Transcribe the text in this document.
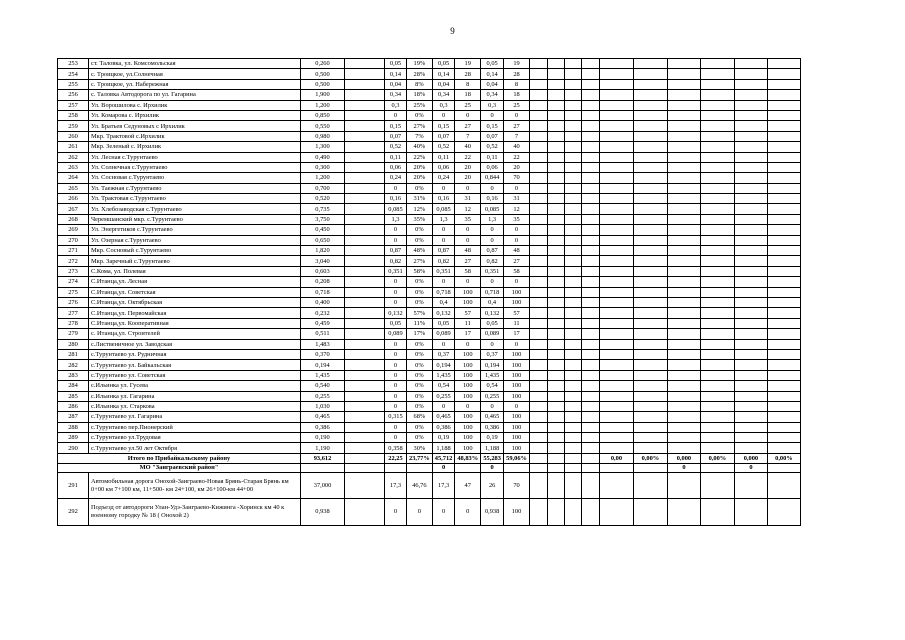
9
253	ст. Таловка, ул. Комсомольская	0,260		0,05	19%	0,05	19	0,05	19										
254	с. Троицкое, ул.Солнечная	0,500		0,14	28%	0,14	28	0,14	28										
255	с. Троицкое, ул. Набережная	0,500		0,04	8%	0,04	8	0,04	8										
256	с. Таловка Автодорога по ул. Гагарина	1,900		0,34	18%	0,34	18	0,34	18										
257	Ул. Ворошилова с. Ирхилик	1,200		0,3	25%	0,3	25	0,3	25										
258	Ул. Комарова с. Ирхилик	0,850		0	0%	0	0	0	0										
259	Ул. Братьев Седуновых с Ирхилик	0,550		0,15	27%	0,15	27	0,15	27										
260	Мкр. Трактовой с.Ирхилик	0,980		0,07	7%	0,07	7	0,07	7										
261	Мкр. Зеленый с. Ирхилик	1,300		0,52	40%	0,52	40	0,52	40										
262	Ул. Лесная с.Турунтаево	0,490		0,11	22%	0,11	22	0,11	22										
263	Ул. Солнечная с.Турунтаево	0,300		0,06	20%	0,06	20	0,06	20										
264	Ул. Сосновая с.Турунтаево	1,200		0,24	20%	0,24	20	0,844	70										
265	Ул. Таежная с.Турунтаево	0,700		0	0%	0	0	0	0										
266	Ул. Трактовая с.Турунтаево	0,520		0,16	31%	0,16	31	0,16	31										
267	Ул. Хлебозаводская с.Турунтаево	0,735		0,085	12%	0,085	12	0,085	12										
268	Черемшанский мкр. с.Турунтаево	3,750		1,3	35%	1,3	35	1,3	35										
269	Ул. Энергетиков с.Турунтаево	0,450		0	0%	0	0	0	0										
270	Ул. Озерная с.Турунтаево	0,650		0	0%	0	0	0	0										
271	Мкр. Сосновый с.Турунтаево	1,820		0,87	48%	0,87	48	0,87	48										
272	Мкр. Заречный с.Турунтаево	3,040		0,82	27%	0,82	27	0,82	27										
273	С.Кома, ул. Полевая	0,603		0,351	58%	0,351	58	0,351	58										
274	С.Итанца,ул. Лесная	0,208		0	0%	0	0	0	0										
275	С.Итанца,ул. Советская	0,718		0	0%	0,718	100	0,718	100										
276	С.Итанца,ул. Октябрьская	0,400		0	0%	0,4	100	0,4	100										
277	С.Итанца,ул. Первомайская	0,232		0,132	57%	0,132	57	0,132	57										
278	С.Итанца,ул. Кооперативная	0,459		0,05	11%	0,05	11	0,05	11										
279	с. Итанца,ул. Строителей	0,511		0,089	17%	0,089	17	0,089	17										
280	с.Лиственичное ул. Заводская	1,483		0	0%	0	0	0	0										
281	с.Турунтаево ул. Рудничная	0,370		0	0%	0,37	100	0,37	100										
282	с.Турунтаево ул. Байкальская	0,194		0	0%	0,194	100	0,194	100										
283	с.Турунтаево ул. Советская	1,435		0	0%	1,435	100	1,435	100										
284	с.Ильинка ул. Гусева	0,540		0	0%	0,54	100	0,54	100										
285	с.Ильинка ул. Гагарина	0,255		0	0%	0,255	100	0,255	100										
286	с.Ильинка ул. Старкова	1,030		0	0%	0	0	0	0										
287	с.Турунтаево ул. Гагарина	0,465		0,315	68%	0,465	100	0,465	100										
288	с.Турунтаево пер.Пионерский	0,386		0	0%	0,386	100	0,386	100										
289	с.Турунтаево ул.Трудовая	0,190		0	0%	0,19	100	0,19	100										
290	с.Турунтаево ул.50 лет Октября	1,190		0,358	30%	1,188	100	1,188	100										
Итого по Прибайкальскому району		93,612		22,25	23,77%	45,712	48,83%	55,283	59,06%					0,00	0,00%	0,000	0,00%	0,000	0,00%
МО "Заиграевский район"						0		0								0		0	
291	Автомобильная дорога Онохой-Заиграево-Новая Брянь-Старая Брянь км 0+00 км 7+100 км, 11+500- км 24+100, км 26+100-км 44+00	37,000		17,3	46,76	17,3	47	26	70										
292	Подъезд от автодороги Улан-Удэ-Заиграево-Кижинга -Хоринск км 40 к военному городку № 18 ( Онохой 2)	0,938		0	0	0	0	0,938	100										
